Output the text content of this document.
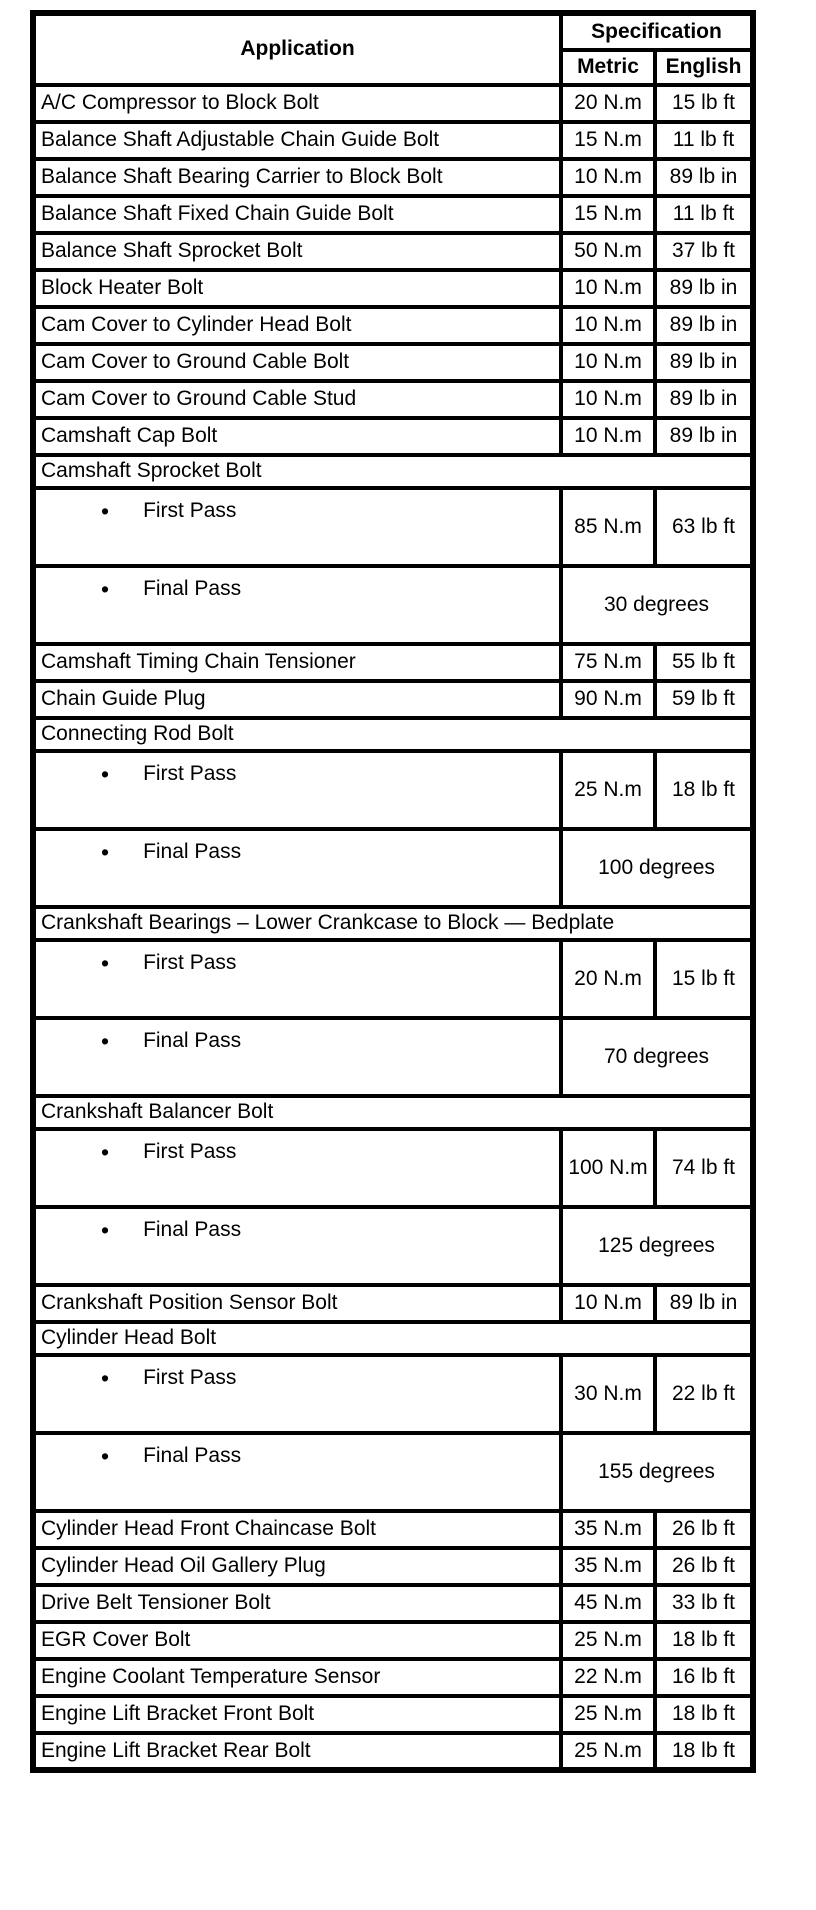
Application	Specification	
	Metric	English
A/C Compressor to Block Bolt	20 N.m	15 lb ft
Balance Shaft Adjustable Chain Guide Bolt	15 N.m	11 lb ft
Balance Shaft Bearing Carrier to Block Bolt	10 N.m	89 lb in
Balance Shaft Fixed Chain Guide Bolt	15 N.m	11 lb ft
Balance Shaft Sprocket Bolt	50 N.m	37 lb ft
Block Heater Bolt	10 N.m	89 lb in
Cam Cover to Cylinder Head Bolt	10 N.m	89 lb in
Cam Cover to Ground Cable Bolt	10 N.m	89 lb in
Cam Cover to Ground Cable Stud	10 N.m	89 lb in
Camshaft Cap Bolt	10 N.m	89 lb in
Camshaft Sprocket Bolt		

• First Pass	85 N.m	63 lb ft

• Final Pass	30 degrees	
Camshaft Timing Chain Tensioner	75 N.m	55 lb ft
Chain Guide Plug	90 N.m	59 lb ft
Connecting Rod Bolt		

• First Pass	25 N.m	18 lb ft

• Final Pass	100 degrees	
Crankshaft Bearings – Lower Crankcase to Block — Bedplate		

• First Pass	20 N.m	15 lb ft

• Final Pass	70 degrees	
Crankshaft Balancer Bolt		

• First Pass	100 N.m	74 lb ft

• Final Pass	125 degrees	
Crankshaft Position Sensor Bolt	10 N.m	89 lb in
Cylinder Head Bolt		

• First Pass	30 N.m	22 lb ft

• Final Pass	155 degrees	
Cylinder Head Front Chaincase Bolt	35 N.m	26 lb ft
Cylinder Head Oil Gallery Plug	35 N.m	26 lb ft
Drive Belt Tensioner Bolt	45 N.m	33 lb ft
EGR Cover Bolt	25 N.m	18 lb ft
Engine Coolant Temperature Sensor	22 N.m	16 lb ft
Engine Lift Bracket Front Bolt	25 N.m	18 lb ft
Engine Lift Bracket Rear Bolt	25 N.m	18 lb ft
